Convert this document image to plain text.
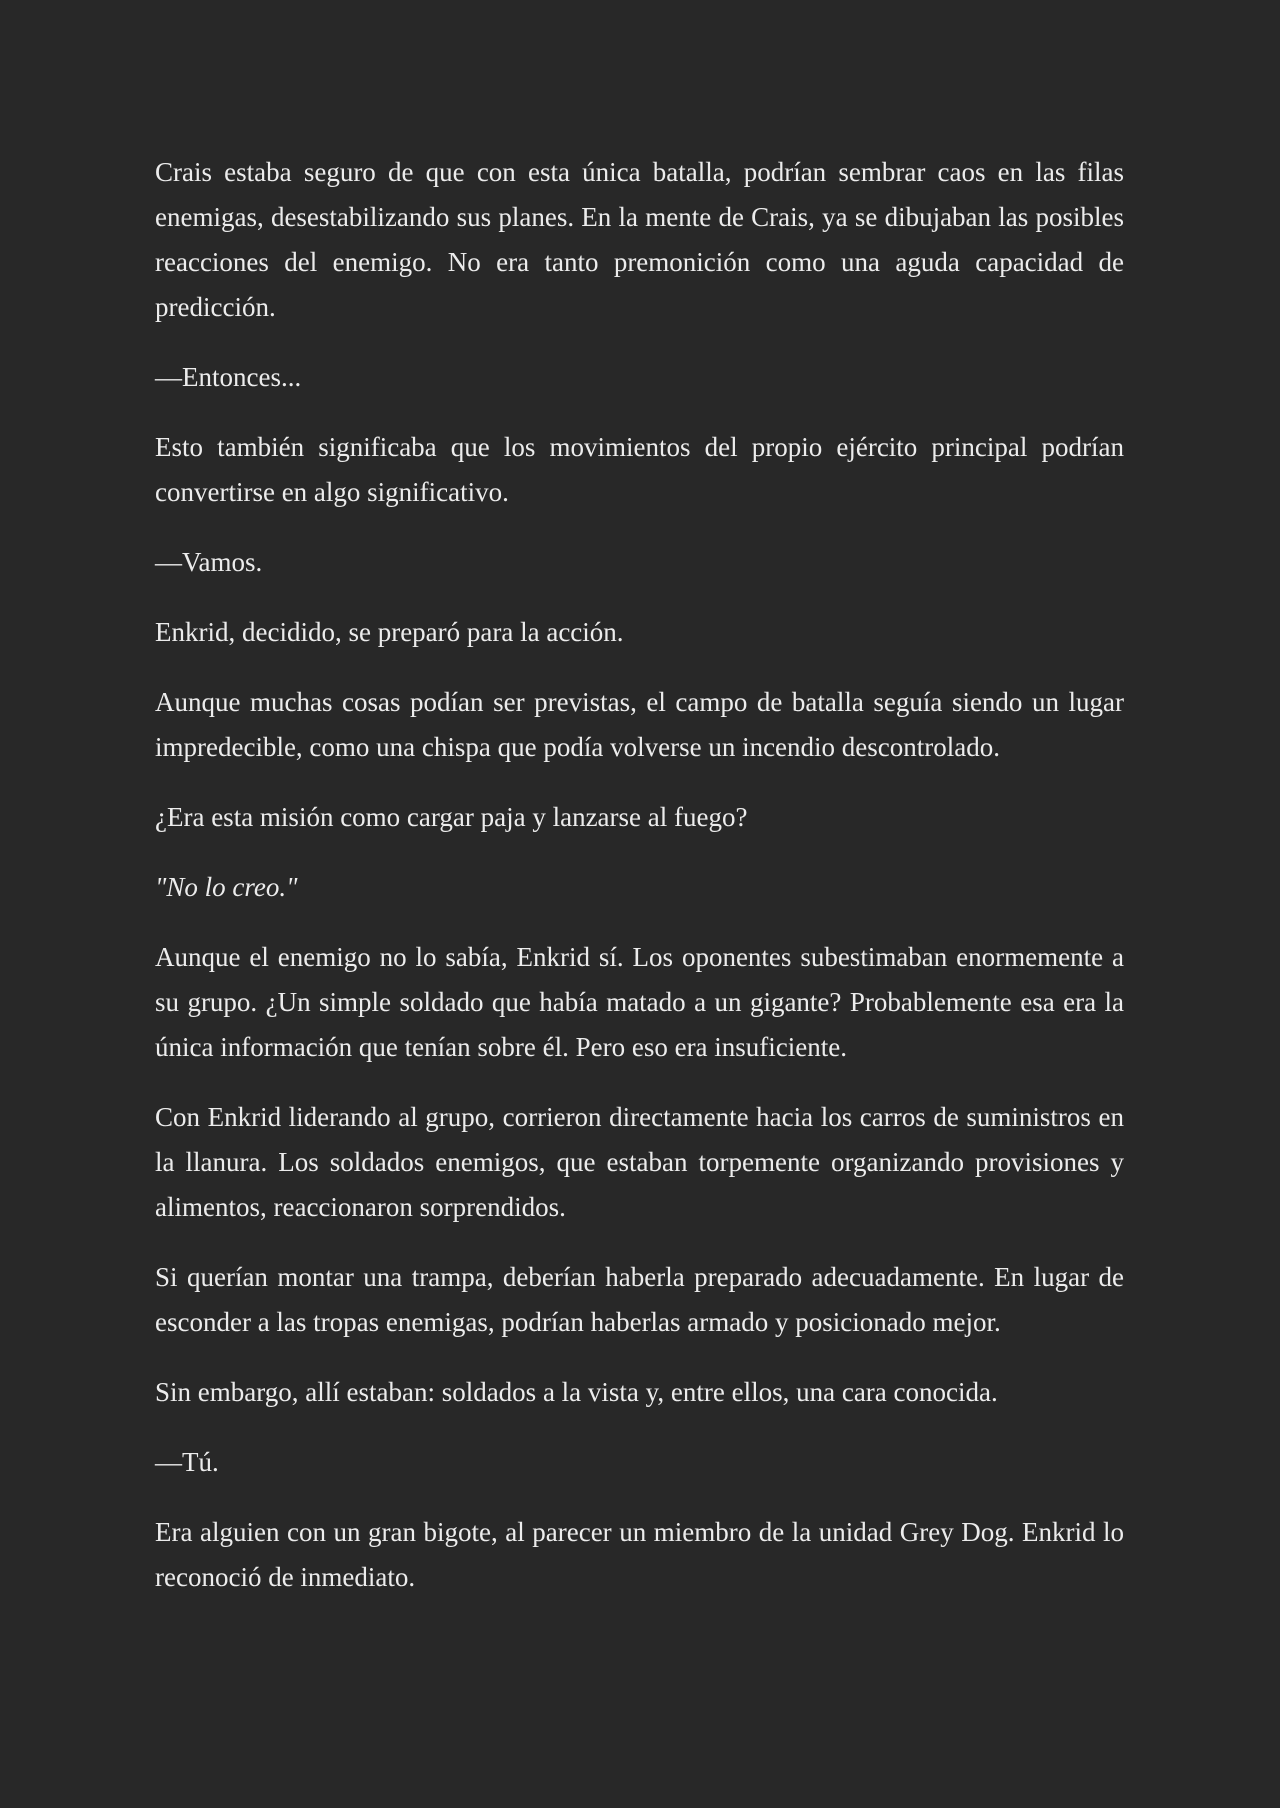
Crais estaba seguro de que con esta única batalla, podrían sembrar caos en las filas enemigas, desestabilizando sus planes. En la mente de Crais, ya se dibujaban las posibles reacciones del enemigo. No era tanto premonición como una aguda capacidad de predicción.

—Entonces...

Esto también significaba que los movimientos del propio ejército principal podrían convertirse en algo significativo.

—Vamos.

Enkrid, decidido, se preparó para la acción.

Aunque muchas cosas podían ser previstas, el campo de batalla seguía siendo un lugar impredecible, como una chispa que podía volverse un incendio descontrolado.

¿Era esta misión como cargar paja y lanzarse al fuego?

"No lo creo."

Aunque el enemigo no lo sabía, Enkrid sí. Los oponentes subestimaban enormemente a su grupo. ¿Un simple soldado que había matado a un gigante? Probablemente esa era la única información que tenían sobre él. Pero eso era insuficiente.

Con Enkrid liderando al grupo, corrieron directamente hacia los carros de suministros en la llanura. Los soldados enemigos, que estaban torpemente organizando provisiones y alimentos, reaccionaron sorprendidos.

Si querían montar una trampa, deberían haberla preparado adecuadamente. En lugar de esconder a las tropas enemigas, podrían haberlas armado y posicionado mejor.

Sin embargo, allí estaban: soldados a la vista y, entre ellos, una cara conocida.

—Tú.

Era alguien con un gran bigote, al parecer un miembro de la unidad Grey Dog. Enkrid lo reconoció de inmediato.
